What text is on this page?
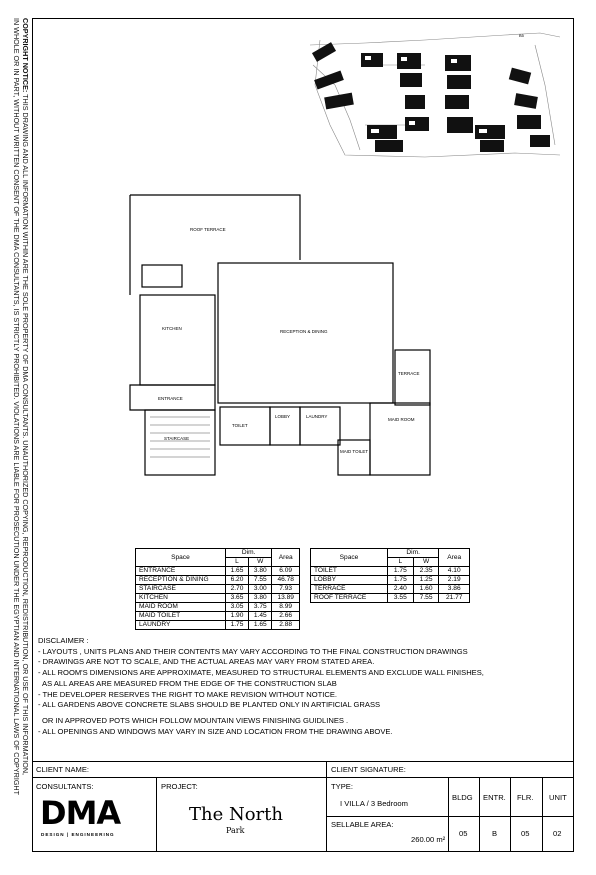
COPYRIGHT NOTICE: THIS DRAWING AND ALL INFORMATION WITHIN ARE THE SOLE PROPERTY OF DMA CONSULTANTS. UNAUTHORIZED COPYING, REPRODUCTION, REDISTRIBUTION, OR USE OF THIS INFORMATION,
IN WHOLE OR IN PART, WITHOUT WRITTEN CONSENT OF THE DMA CONSULTANTS, IS STRICTLY PROHIBITED. VIOLATIONS ARE LIABLE FOR PROSECUTION UNDER THE EGYPTIAN AND INTERNATIONAL LAWS OF COPYRIGHT	B5
ROOF TERRACE
KITCHEN
RECEPTION & DINING
TERRACE
ENTRANCE
STAIRCASE
TOILET
LOBBY	LAUNDRY
MAID ROOM
MAID TOILET
Space	Dim.		Area
	L	W	
ENTRANCE	1.65	3.80	6.09
RECEPTION & DINING	6.20	7.55	46.78
STAIRCASE	2.70	3.00	7.93
KITCHEN	3.65	3.80	13.89
MAID ROOM	3.05	3.75	8.99
MAID TOILET	1.90	1.45	2.66
LAUNDRY	1.75	1.65	2.88
Space	Dim.		Area
	L	W	
TOILET	1.75	2.35	4.10
LOBBY	1.75	1.25	2.19
TERRACE	2.40	1.60	3.86
ROOF TERRACE	3.55	7.55	21.77
DISCLAIMER :
- LAYOUTS , UNITS PLANS AND THEIR CONTENTS MAY VARY ACCORDING TO THE FINAL CONSTRUCTION DRAWINGS
- DRAWINGS ARE NOT TO SCALE, AND THE ACTUAL AREAS MAY VARY FROM STATED AREA.
- ALL ROOM'S DIMENSIONS ARE APPROXIMATE, MEASURED TO STRUCTURAL ELEMENTS AND EXCLUDE WALL FINISHES,
AS ALL AREAS ARE MEASURED FROM THE EDGE OF THE CONSTRUCTION SLAB
- THE DEVELOPER RESERVES THE RIGHT TO MAKE REVISION WITHOUT NOTICE.
- ALL GARDENS ABOVE CONCRETE SLABS SHOULD BE PLANTED ONLY IN ARTIFICIAL GRASS
OR IN APPROVED POTS WHICH FOLLOW MOUNTAIN VIEWS FINISHING GUIDLINES .
- ALL OPENINGS AND WINDOWS MAY VARY IN SIZE AND LOCATION FROM THE DRAWING ABOVE.
CLIENT NAME:	CLIENT SIGNATURE:
CONSULTANTS:	PROJECT:	TYPE:
I VILLA / 3 Bedroom
SELLABLE AREA:
260.00 m²
DMA
DESIGN | ENGINEERING
The North
Park
BLDG ENTR. FLR. UNIT
05	B	05	02
